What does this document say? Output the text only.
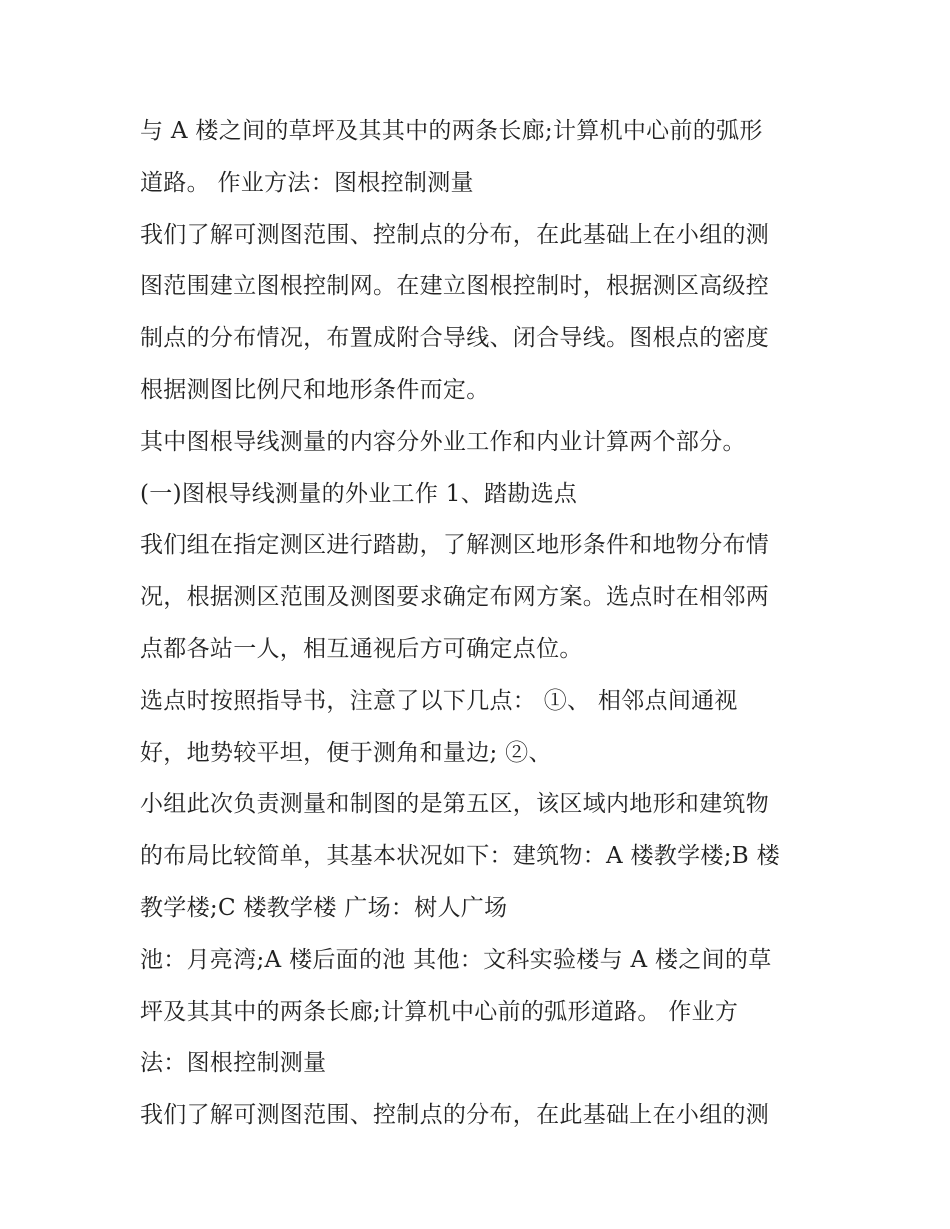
与 A 楼之间的草坪及其其中的两条长廊;计算机中心前的弧形
道路。 作业方法：图根控制测量
我们了解可测图范围、控制点的分布，在此基础上在小组的测
图范围建立图根控制网。在建立图根控制时，根据测区高级控
制点的分布情况，布置成附合导线、闭合导线。图根点的密度
根据测图比例尺和地形条件而定。
其中图根导线测量的内容分外业工作和内业计算两个部分。
(一)图根导线测量的外业工作 1、踏勘选点
我们组在指定测区进行踏勘，了解测区地形条件和地物分布情
况，根据测区范围及测图要求确定布网方案。选点时在相邻两
点都各站一人，相互通视后方可确定点位。
选点时按照指导书，注意了以下几点： ①、 相邻点间通视
好，地势较平坦，便于测角和量边; ②、
小组此次负责测量和制图的是第五区，该区域内地形和建筑物
的布局比较简单，其基本状况如下：建筑物：A 楼教学楼;B 楼
教学楼;C 楼教学楼 广场：树人广场
池：月亮湾;A 楼后面的池 其他：文科实验楼与 A 楼之间的草
坪及其其中的两条长廊;计算机中心前的弧形道路。 作业方
法：图根控制测量
我们了解可测图范围、控制点的分布，在此基础上在小组的测
